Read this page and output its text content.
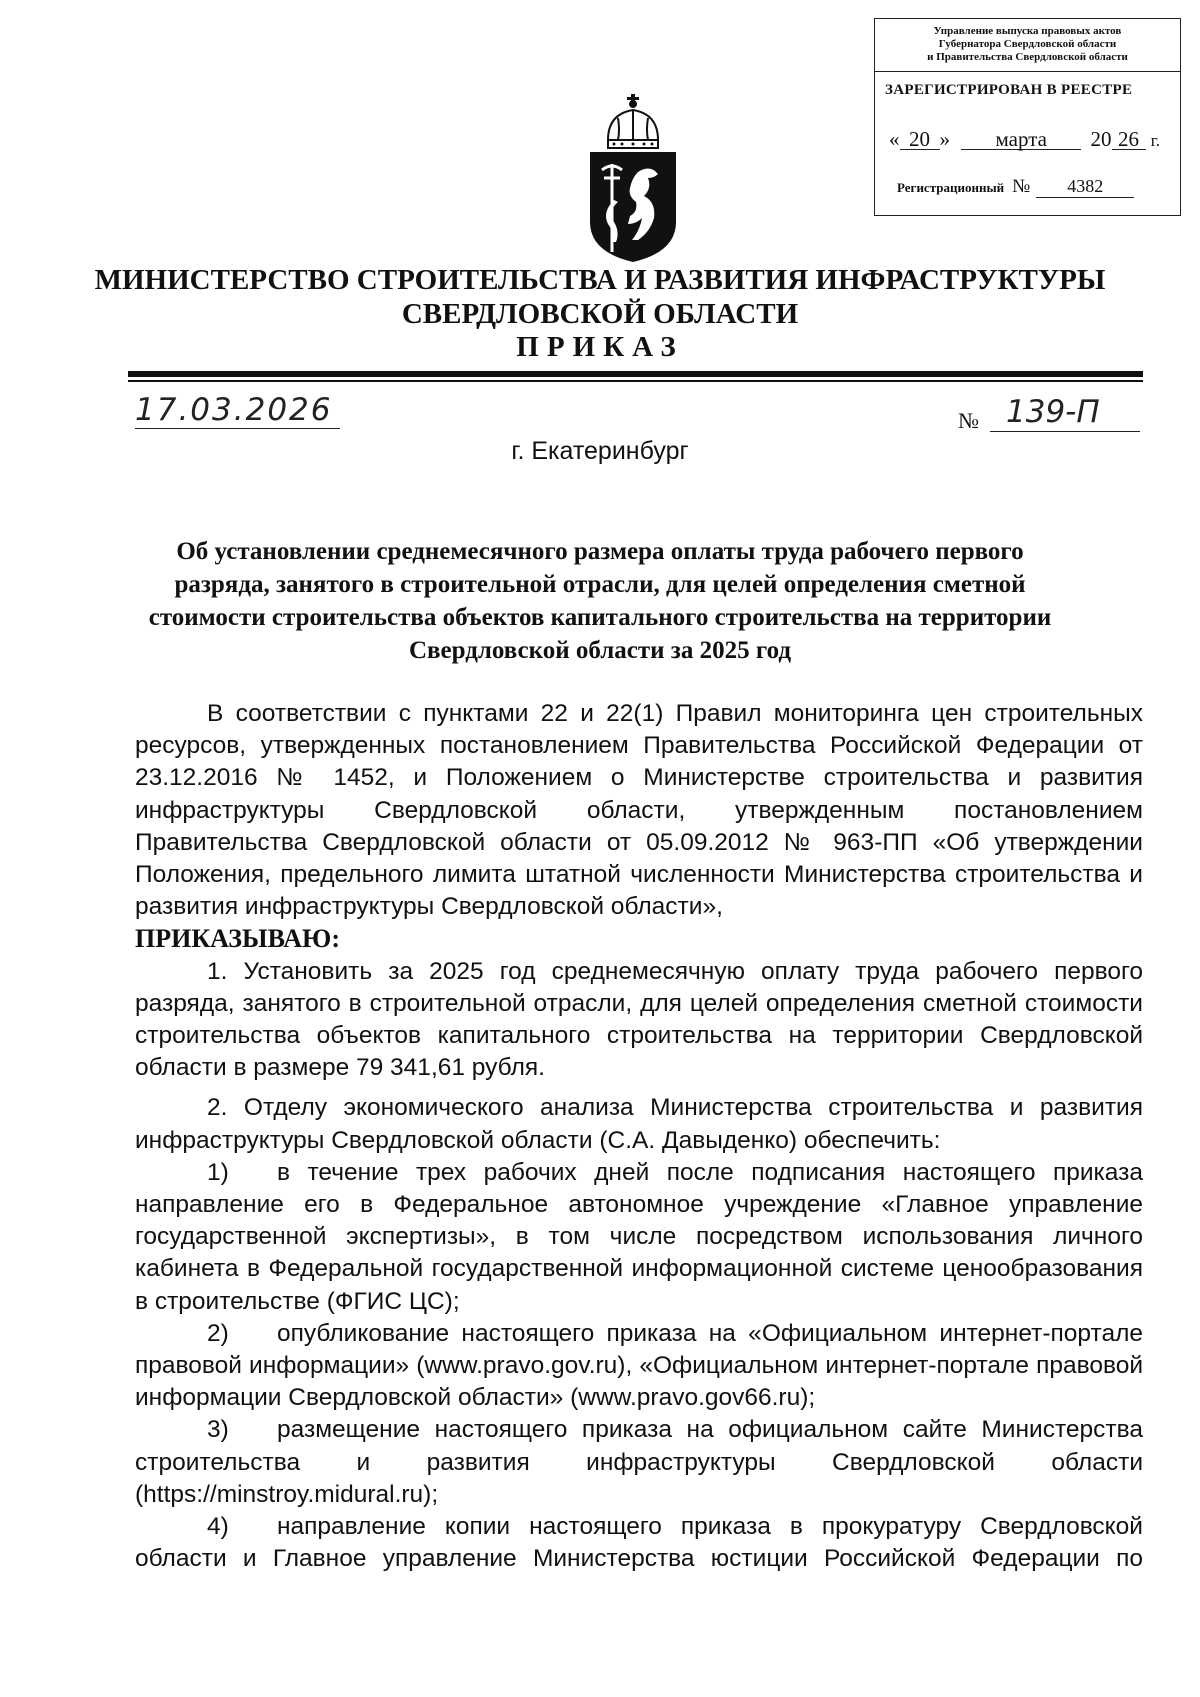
Управление выпуска правовых актов
Губернатора Свердловской области
и Правительства Свердловской области
ЗАРЕГИСТРИРОВАН В РЕЕСТРЕ
« 20 » марта 20 26 г.
Регистрационный № 4382
МИНИСТЕРСТВО СТРОИТЕЛЬСТВА И РАЗВИТИЯ ИНФРАСТРУКТУРЫ
СВЕРДЛОВСКОЙ ОБЛАСТИ
ПРИКАЗ
17.03.2026	№ 139-П
г. Екатеринбург
Об установлении среднемесячного размера оплаты труда рабочего первого разряда, занятого в строительной отрасли, для целей определения сметной стоимости строительства объектов капитального строительства на территории Свердловской области за 2025 год

В соответствии с пунктами 22 и 22(1) Правил мониторинга цен строительных ресурсов, утвержденных постановлением Правительства Российской Федерации от 23.12.2016 № 1452, и Положением о Министерстве строительства и развития инфраструктуры Свердловской области, утвержденным постановлением Правительства Свердловской области от 05.09.2012 № 963-ПП «Об утверждении Положения, предельного лимита штатной численности Министерства строительства и развития инфраструктуры Свердловской области»,

ПРИКАЗЫВАЮ:

1. Установить за 2025 год среднемесячную оплату труда рабочего первого разряда, занятого в строительной отрасли, для целей определения сметной стоимости строительства объектов капитального строительства на территории Свердловской области в размере 79 341,61 рубля.

2. Отделу экономического анализа Министерства строительства и развития инфраструктуры Свердловской области (С.А. Давыденко) обеспечить:

1) в течение трех рабочих дней после подписания настоящего приказа направление его в Федеральное автономное учреждение «Главное управление государственной экспертизы», в том числе посредством использования личного кабинета в Федеральной государственной информационной системе ценообразования в строительстве (ФГИС ЦС);

2) опубликование настоящего приказа на «Официальном интернет-портале правовой информации» (www.pravo.gov.ru), «Официальном интернет-портале правовой информации Свердловской области» (www.pravo.gov66.ru);

3) размещение настоящего приказа на официальном сайте Министерства строительства и развития инфраструктуры Свердловской области (https://minstroy.midural.ru);

4) направление копии настоящего приказа в прокуратуру Свердловской области и Главное управление Министерства юстиции Российской Федерации по
